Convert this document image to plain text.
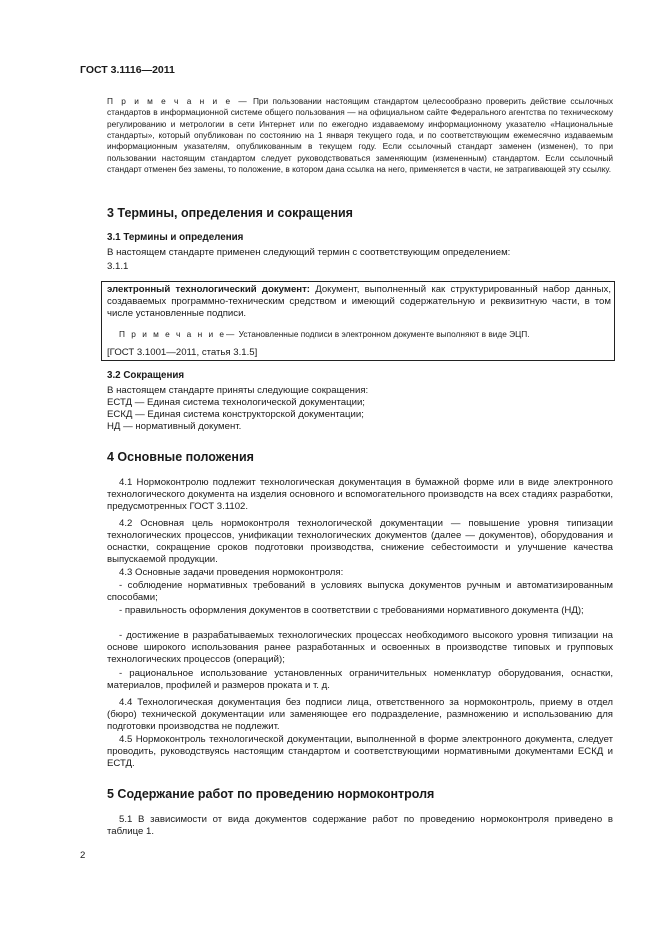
ГОСТ 3.1116—2011
П р и м е ч а н и е — При пользовании настоящим стандартом целесообразно проверить действие ссылочных стандартов в информационной системе общего пользования — на официальном сайте Федерального агентства по техническому регулированию и метрологии в сети Интернет или по ежегодно издаваемому информационному указателю «Национальные стандарты», который опубликован по состоянию на 1 января текущего года, и по соответствующим ежемесячно издаваемым информационным указателям, опубликованным в текущем году. Если ссылочный стандарт заменен (изменен), то при пользовании настоящим стандартом следует руководствоваться заменяющим (измененным) стандартом. Если ссылочный стандарт отменен без замены, то положение, в котором дана ссылка на него, применяется в части, не затрагивающей эту ссылку.
3 Термины, определения и сокращения
3.1 Термины и определения
В настоящем стандарте применен следующий термин с соответствующим определением:
3.1.1
электронный технологический документ: Документ, выполненный как структурированный набор данных, создаваемых программно-техническим средством и имеющий содержательную и реквизитную части, в том числе установленные подписи.
П р и м е ч а н и е— Установленные подписи в электронном документе выполняют в виде ЭЦП.
[ГОСТ 3.1001—2011, статья 3.1.5]
3.2 Сокращения
В настоящем стандарте приняты следующие сокращения:
ЕСТД — Единая система технологической документации;
ЕСКД — Единая система конструкторской документации;
НД — нормативный документ.
4 Основные положения
4.1 Нормоконтролю подлежит технологическая документация в бумажной форме или в виде электронного технологического документа на изделия основного и вспомогательного производств на всех стадиях разработки, предусмотренных ГОСТ 3.1102.
4.2 Основная цель нормоконтроля технологической документации — повышение уровня типизации технологических процессов, унификации технологических документов (далее — документов), оборудования и оснастки, сокращение сроков подготовки производства, снижение себестоимости и улучшение качества выпускаемой продукции.
4.3 Основные задачи проведения нормоконтроля:
- соблюдение нормативных требований в условиях выпуска документов ручным и автоматизированным способами;
- правильность оформления документов в соответствии с требованиями нормативного документа (НД);
- достижение в разрабатываемых технологических процессах необходимого высокого уровня типизации на основе широкого использования ранее разработанных и освоенных в производстве типовых и групповых технологических процессов (операций);
- рациональное использование установленных ограничительных номенклатур оборудования, оснастки, материалов, профилей и размеров проката и т. д.
4.4 Технологическая документация без подписи лица, ответственного за нормоконтроль, приему в отдел (бюро) технической документации или заменяющее его подразделение, размножению и использованию для подготовки производства не подлежит.
4.5 Нормоконтроль технологической документации, выполненной в форме электронного документа, следует проводить, руководствуясь настоящим стандартом и соответствующими нормативными документами ЕСКД и ЕСТД.
5 Содержание работ по проведению нормоконтроля
5.1 В зависимости от вида документов содержание работ по проведению нормоконтроля приведено в таблице 1.
2
